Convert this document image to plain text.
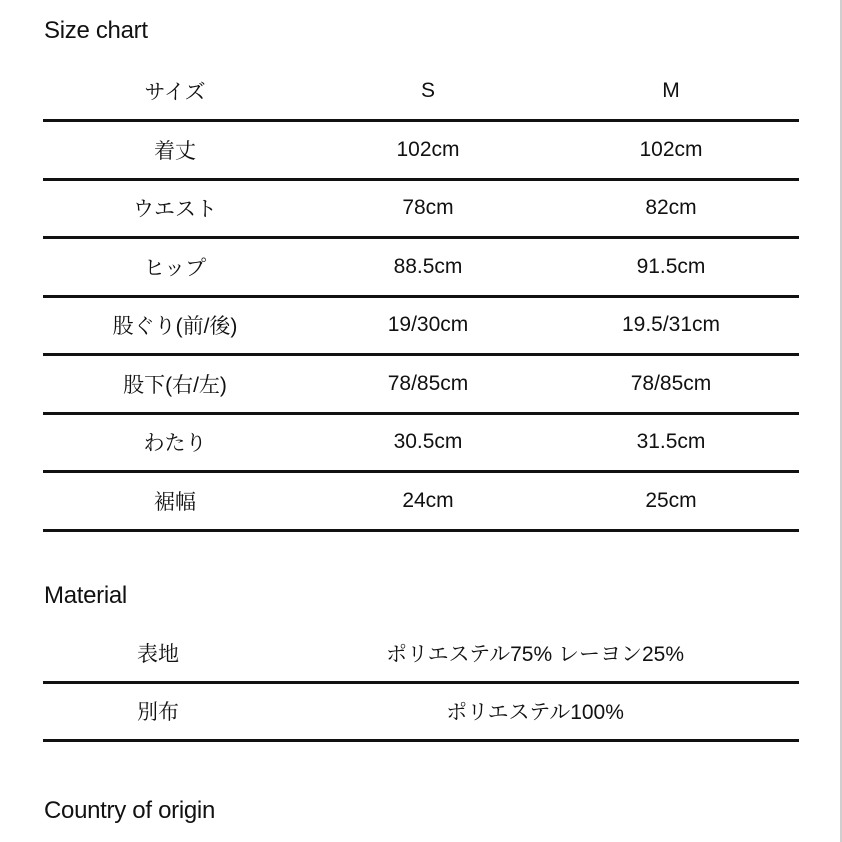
Size chart
サイズ	S	M
着丈	102cm	102cm
ウエスト	78cm	82cm
ヒップ	88.5cm	91.5cm
股ぐり(前/後)	19/30cm	19.5/31cm
股下(右/左)	78/85cm	78/85cm
わたり	30.5cm	31.5cm
裾幅	24cm	25cm
Material
表地	ポリエステル75% レーヨン25%
別布	ポリエステル100%
Country of origin
